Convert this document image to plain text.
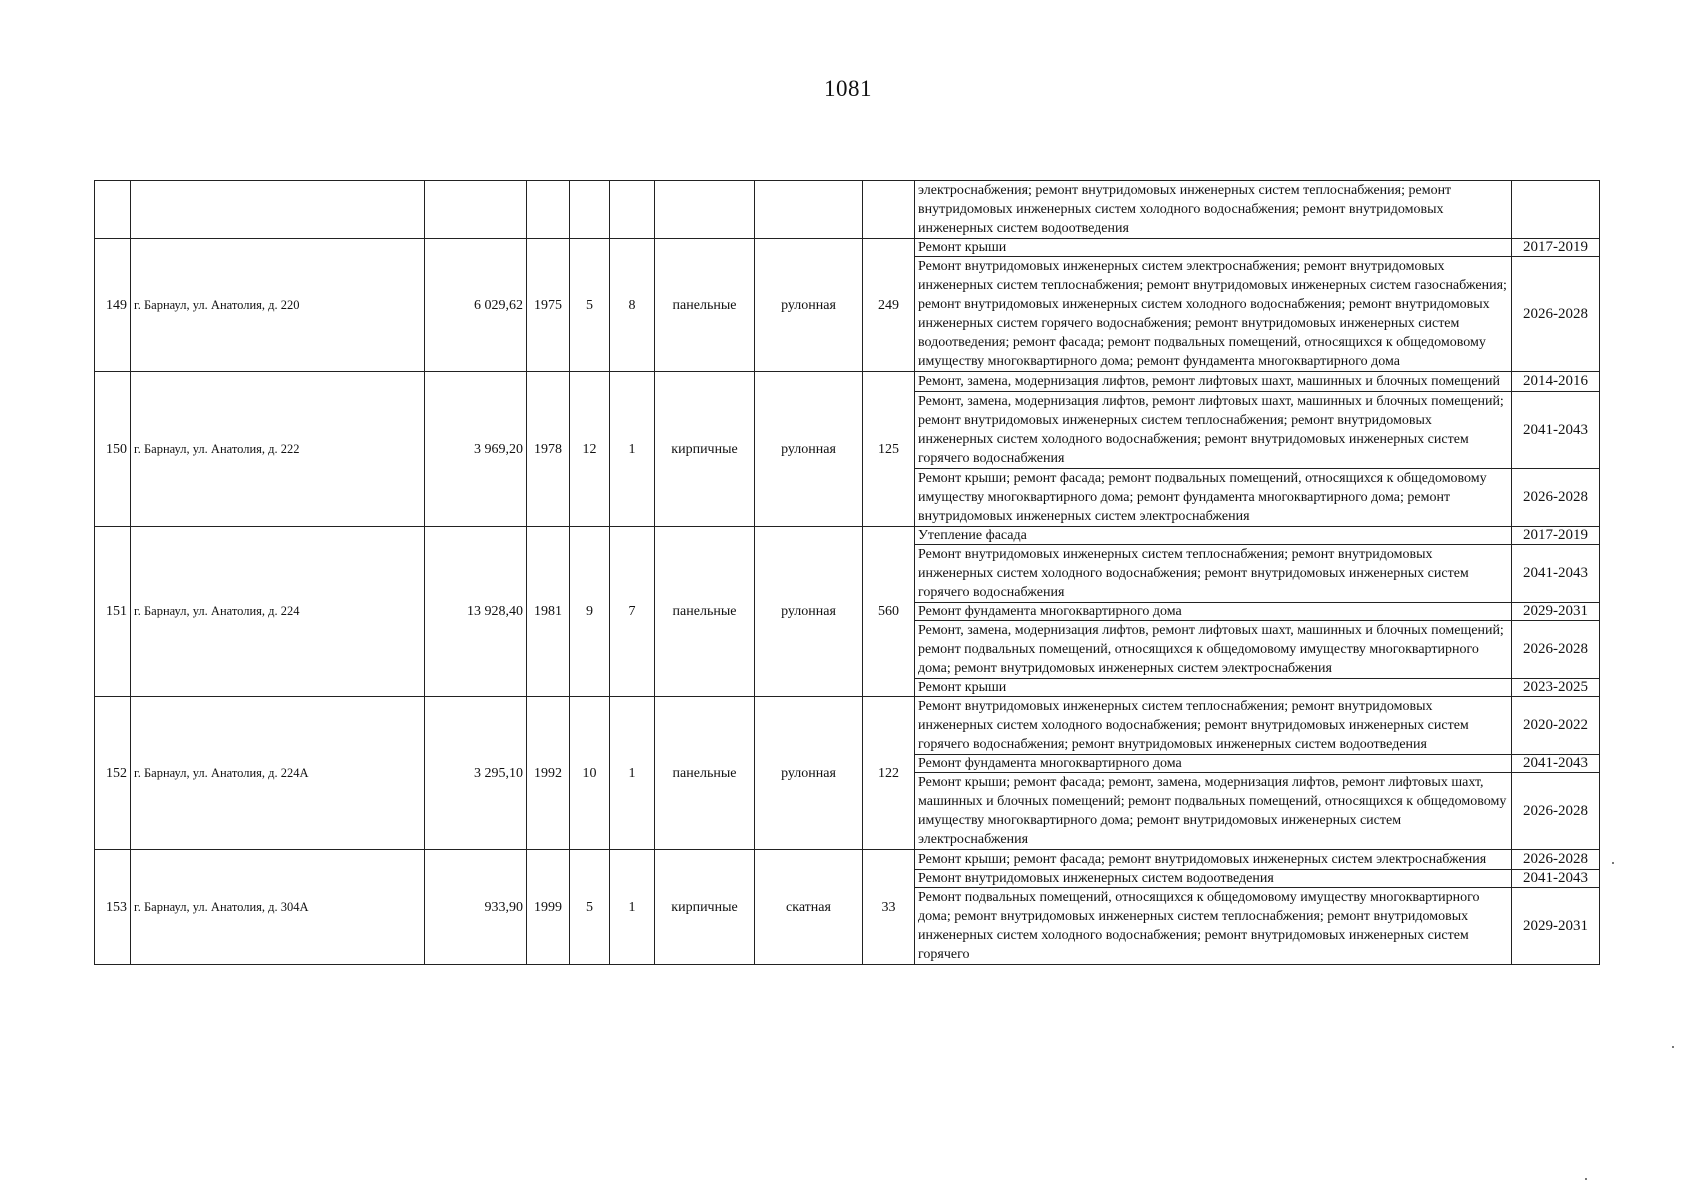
1081
									электроснабжения; ремонт внутридомовых инженерных систем теплоснабжения; ремонт внутридомовых инженерных систем холодного водоснабжения; ремонт внутридомовых инженерных систем водоотведения	
149	г. Барнаул, ул. Анатолия, д. 220	6 029,62	1975	5	8	панельные	рулонная	249	Ремонт крыши	2017-2019
									Ремонт внутридомовых инженерных систем электроснабжения; ремонт внутридомовых инженерных систем теплоснабжения; ремонт внутридомовых инженерных систем газоснабжения; ремонт внутридомовых инженерных систем холодного водоснабжения; ремонт внутридомовых инженерных систем горячего водоснабжения; ремонт внутридомовых инженерных систем водоотведения; ремонт фасада; ремонт подвальных помещений, относящихся к общедомовому имуществу многоквартирного дома; ремонт фундамента многоквартирного дома	2026-2028
150	г. Барнаул, ул. Анатолия, д. 222	3 969,20	1978	12	1	кирпичные	рулонная	125	Ремонт, замена, модернизация лифтов, ремонт лифтовых шахт, машинных и блочных помещений	2014-2016
									Ремонт, замена, модернизация лифтов, ремонт лифтовых шахт, машинных и блочных помещений; ремонт внутридомовых инженерных систем теплоснабжения; ремонт внутридомовых инженерных систем холодного водоснабжения; ремонт внутридомовых инженерных систем горячего водоснабжения	2041-2043
									Ремонт крыши; ремонт фасада; ремонт подвальных помещений, относящихся к общедомовому имуществу многоквартирного дома; ремонт фундамента многоквартирного дома; ремонт внутридомовых инженерных систем электроснабжения	2026-2028
151	г. Барнаул, ул. Анатолия, д. 224	13 928,40	1981	9	7	панельные	рулонная	560	Утепление фасада	2017-2019
									Ремонт внутридомовых инженерных систем теплоснабжения; ремонт внутридомовых инженерных систем холодного водоснабжения; ремонт внутридомовых инженерных систем горячего водоснабжения	2041-2043
									Ремонт фундамента многоквартирного дома	2029-2031
									Ремонт, замена, модернизация лифтов, ремонт лифтовых шахт, машинных и блочных помещений; ремонт подвальных помещений, относящихся к общедомовому имуществу многоквартирного дома; ремонт внутридомовых инженерных систем электроснабжения	2026-2028
									Ремонт крыши	2023-2025
152	г. Барнаул, ул. Анатолия, д. 224А	3 295,10	1992	10	1	панельные	рулонная	122	Ремонт внутридомовых инженерных систем теплоснабжения; ремонт внутридомовых инженерных систем холодного водоснабжения; ремонт внутридомовых инженерных систем горячего водоснабжения; ремонт внутридомовых инженерных систем водоотведения	2020-2022
									Ремонт фундамента многоквартирного дома	2041-2043
									Ремонт крыши; ремонт фасада; ремонт, замена, модернизация лифтов, ремонт лифтовых шахт, машинных и блочных помещений; ремонт подвальных помещений, относящихся к общедомовому имуществу многоквартирного дома; ремонт внутридомовых инженерных систем электроснабжения	2026-2028
153	г. Барнаул, ул. Анатолия, д. 304А	933,90	1999	5	1	кирпичные	скатная	33	Ремонт крыши; ремонт фасада; ремонт внутридомовых инженерных систем электроснабжения	2026-2028
									Ремонт внутридомовых инженерных систем водоотведения	2041-2043
									Ремонт подвальных помещений, относящихся к общедомовому имуществу многоквартирного дома; ремонт внутридомовых инженерных систем теплоснабжения; ремонт внутридомовых инженерных систем холодного водоснабжения; ремонт внутридомовых инженерных систем горячего	2029-2031
